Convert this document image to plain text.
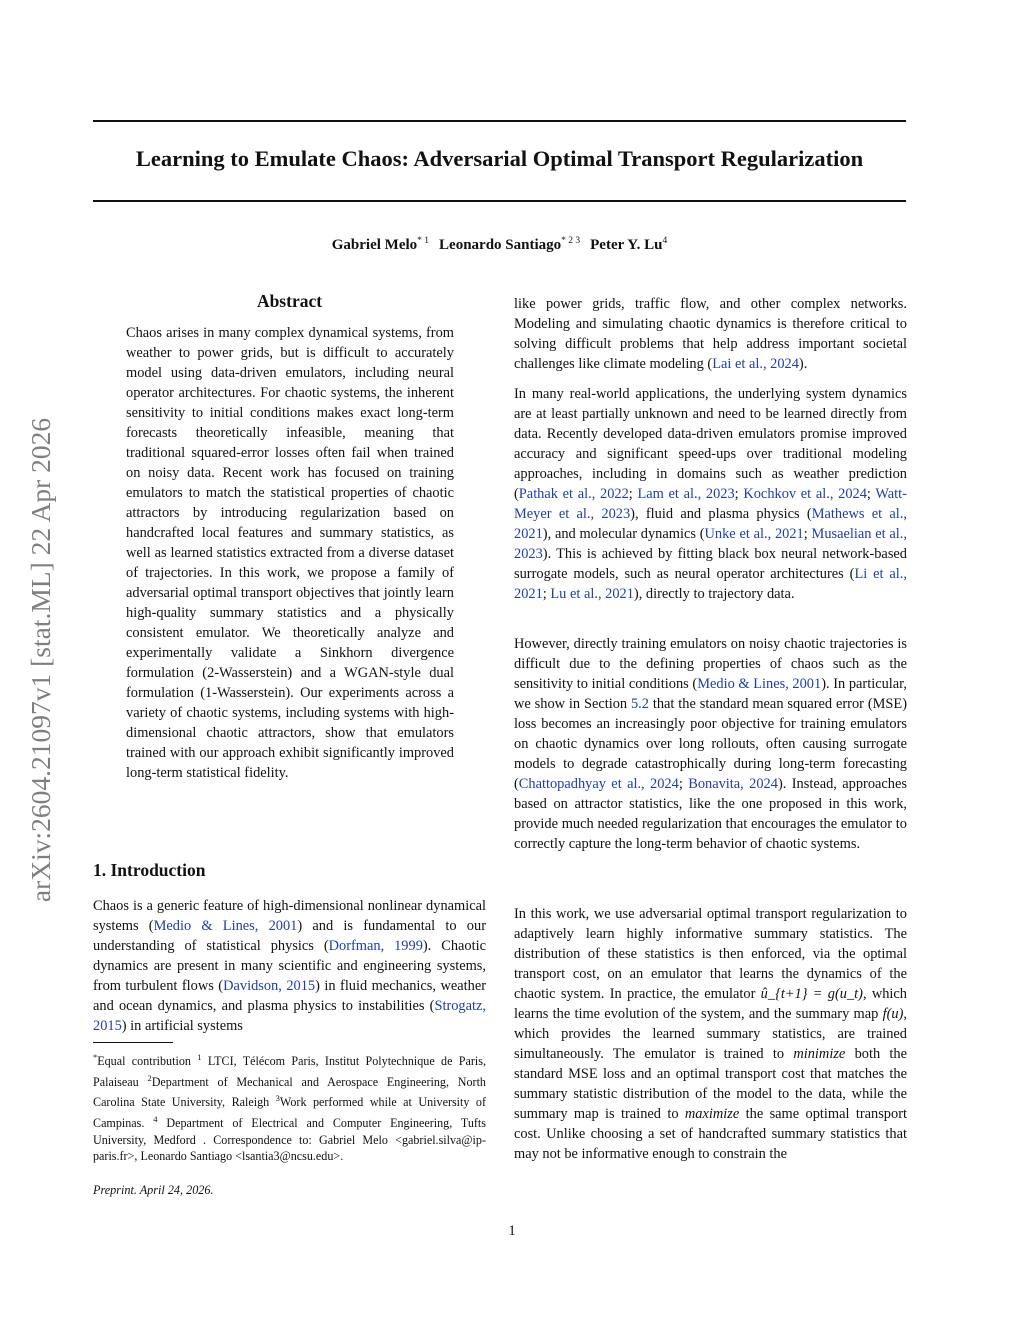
arXiv:2604.21097v1 [stat.ML] 22 Apr 2026
Learning to Emulate Chaos: Adversarial Optimal Transport Regularization
Gabriel Melo$^{* 1}$ Leonardo Santiago$^{* 2 3}$ Peter Y. Lu$^4$
Abstract

Chaos arises in many complex dynamical systems, from weather to power grids, but is difficult to accurately model using data-driven emulators, including neural operator architectures. For chaotic systems, the inherent sensitivity to initial conditions makes exact long-term forecasts theoretically infeasible, meaning that traditional squared-error losses often fail when trained on noisy data. Recent work has focused on training emulators to match the statistical properties of chaotic attractors by introducing regularization based on handcrafted local features and summary statistics, as well as learned statistics extracted from a diverse dataset of trajectories. In this work, we propose a family of adversarial optimal transport objectives that jointly learn high-quality summary statistics and a physically consistent emulator. We theoretically analyze and experimentally validate a Sinkhorn divergence formulation (2-Wasserstein) and a WGAN-style dual formulation (1-Wasserstein). Our experiments across a variety of chaotic systems, including systems with high-dimensional chaotic attractors, show that emulators trained with our approach exhibit significantly improved long-term statistical fidelity.

1. Introduction

Chaos is a generic feature of high-dimensional nonlinear dynamical systems (Medio & Lines, 2001) and is fundamental to our understanding of statistical physics (Dorfman, 1999). Chaotic dynamics are present in many scientific and engineering systems, from turbulent flows (Davidson, 2015) in fluid mechanics, weather and ocean dynamics, and plasma physics to instabilities (Strogatz, 2015) in artificial systems

*Equal contribution $^1$ LTCI, Télécom Paris, Institut Polytechnique de Paris, Palaiseau $^2$Department of Mechanical and Aerospace Engineering, North Carolina State University, Raleigh $^3$Work performed while at University of Campinas. $^4$ Department of Electrical and Computer Engineering, Tufts University, Medford . Correspondence to: Gabriel Melo <gabriel.silva@ip-paris.fr>, Leonardo Santiago <lsantia3@ncsu.edu>.

Preprint. April 24, 2026.

like power grids, traffic flow, and other complex networks. Modeling and simulating chaotic dynamics is therefore critical to solving difficult problems that help address important societal challenges like climate modeling (Lai et al., 2024).

In many real-world applications, the underlying system dynamics are at least partially unknown and need to be learned directly from data. Recently developed data-driven emulators promise improved accuracy and significant speed-ups over traditional modeling approaches, including in domains such as weather prediction (Pathak et al., 2022; Lam et al., 2023; Kochkov et al., 2024; Watt-Meyer et al., 2023), fluid and plasma physics (Mathews et al., 2021), and molecular dynamics (Unke et al., 2021; Musaelian et al., 2023). This is achieved by fitting black box neural network-based surrogate models, such as neural operator architectures (Li et al., 2021; Lu et al., 2021), directly to trajectory data.

However, directly training emulators on noisy chaotic trajectories is difficult due to the defining properties of chaos such as the sensitivity to initial conditions (Medio & Lines, 2001). In particular, we show in Section 5.2 that the standard mean squared error (MSE) loss becomes an increasingly poor objective for training emulators on chaotic dynamics over long rollouts, often causing surrogate models to degrade catastrophically during long-term forecasting (Chattopadhyay et al., 2024; Bonavita, 2024). Instead, approaches based on attractor statistics, like the one proposed in this work, provide much needed regularization that encourages the emulator to correctly capture the long-term behavior of chaotic systems.

In this work, we use adversarial optimal transport regularization to adaptively learn highly informative summary statistics. The distribution of these statistics is then enforced, via the optimal transport cost, on an emulator that learns the dynamics of the chaotic system. In practice, the emulator û_{t+1} = g(u_t), which learns the time evolution of the system, and the summary map f(u), which provides the learned summary statistics, are trained simultaneously. The emulator is trained to minimize both the standard MSE loss and an optimal transport cost that matches the summary statistic distribution of the model to the data, while the summary map is trained to maximize the same optimal transport cost. Unlike choosing a set of handcrafted summary statistics that may not be informative enough to constrain the

1
